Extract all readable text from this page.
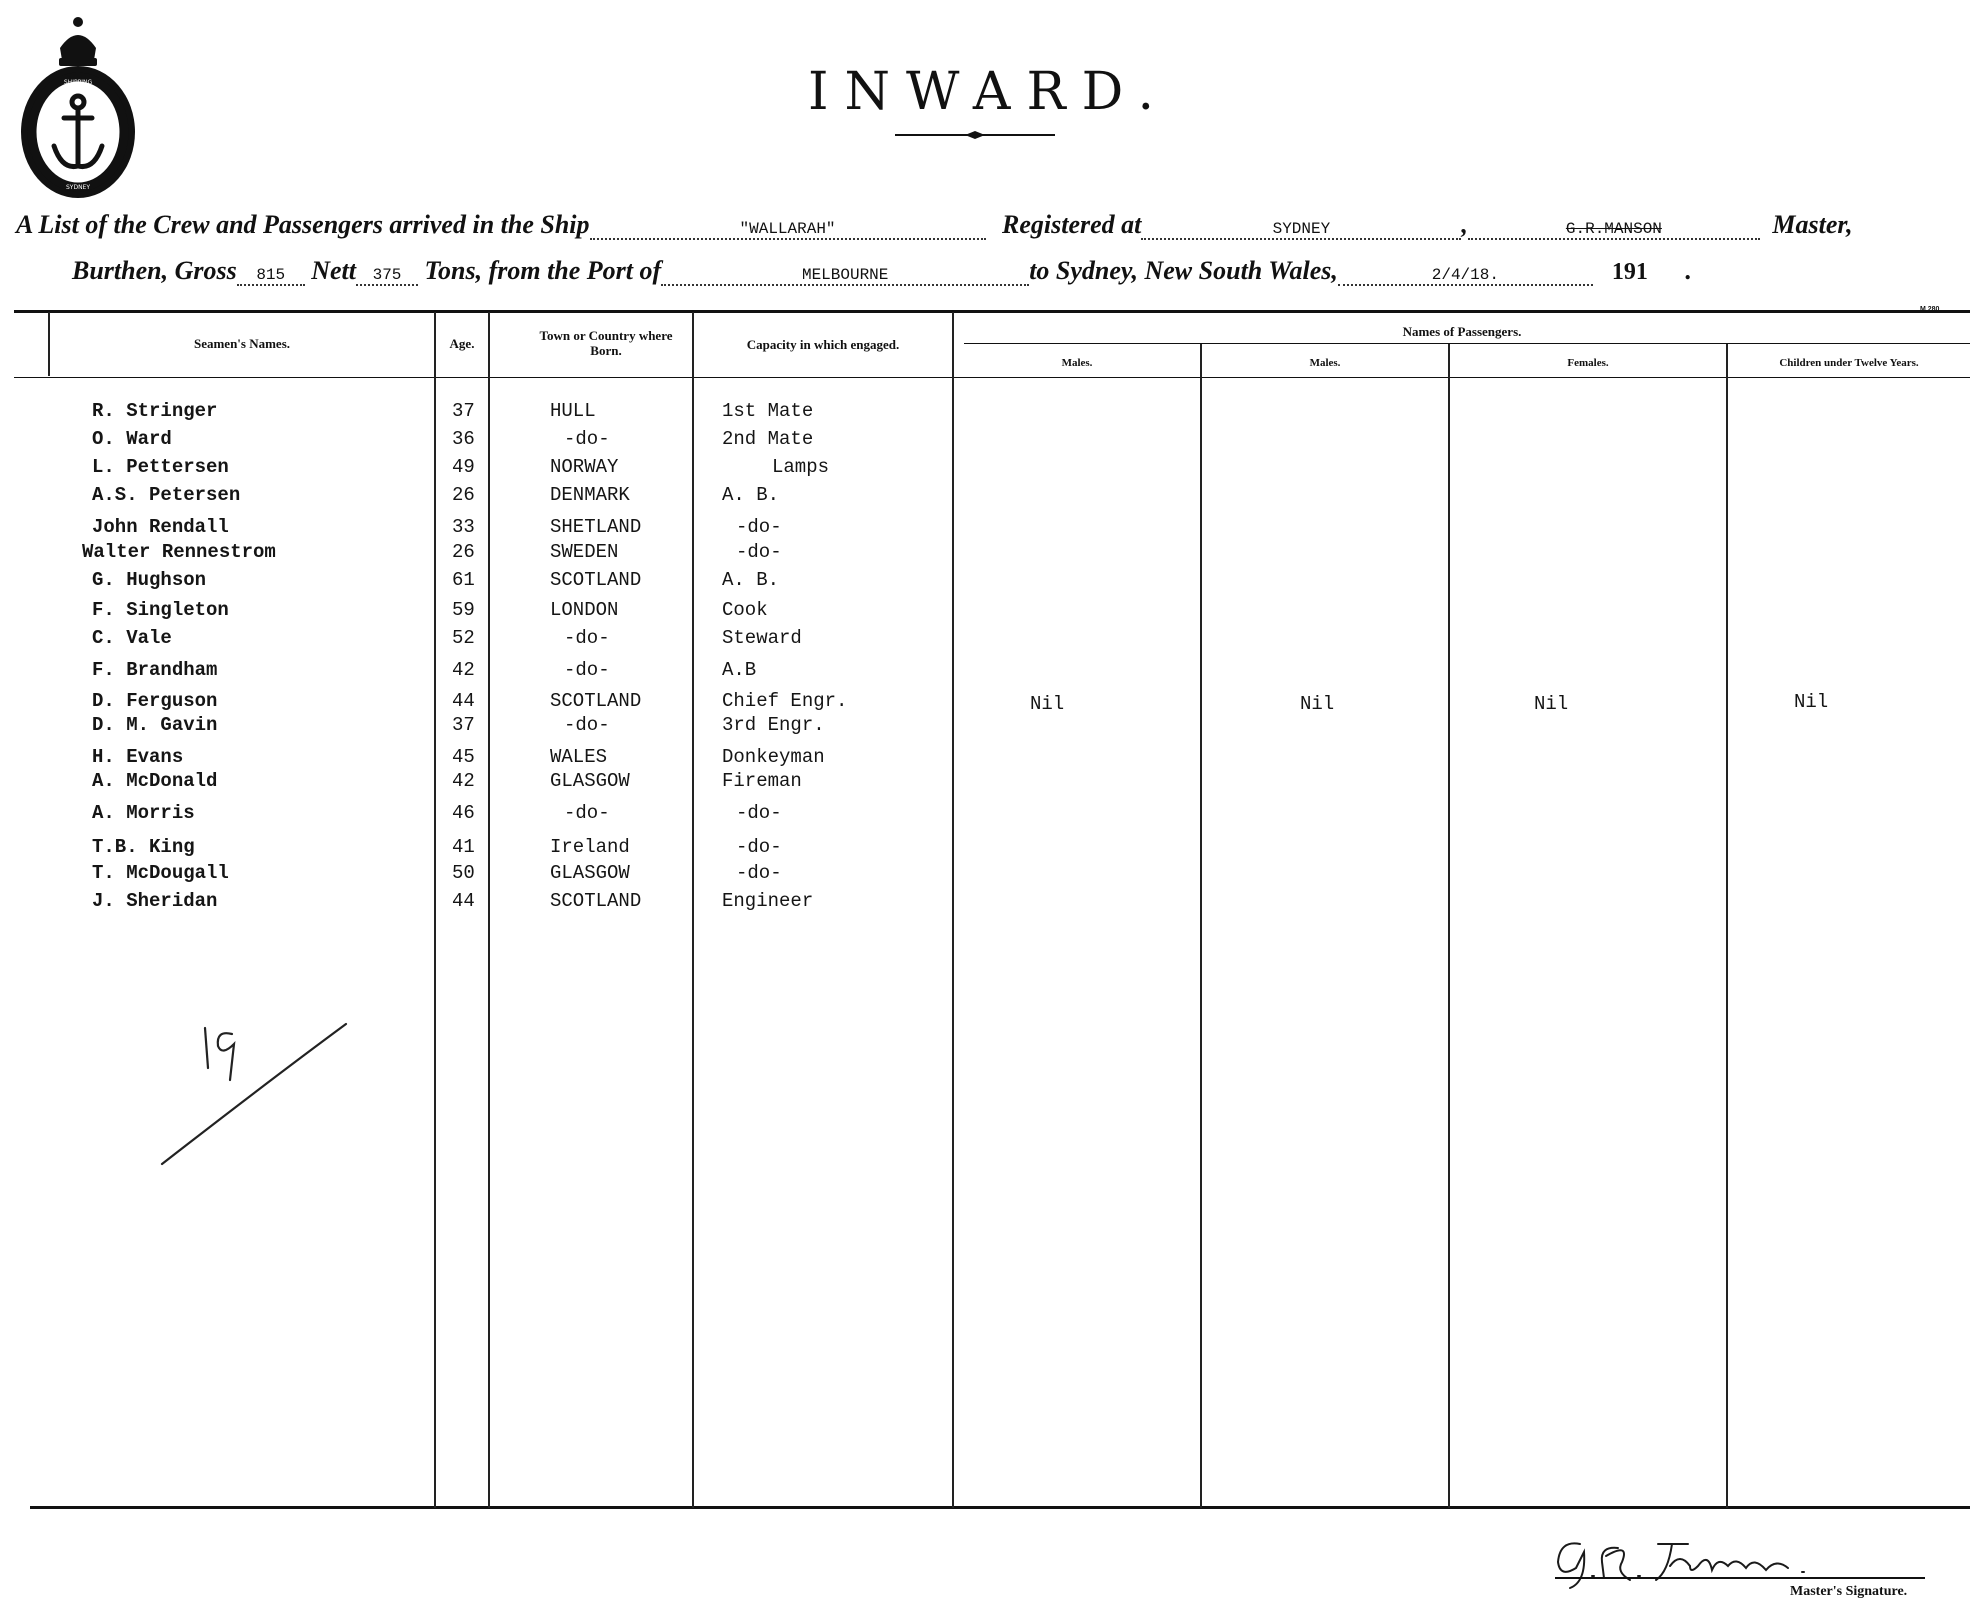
SHIPPING
SYDNEY
INWARD.
A List of the Crew and Passengers arrived in the Ship	"WALLARAH"	Registered at	SYDNEY	,	G.R.MANSON	Master,
Burthen, Gross 815 Nett 375 Tons, from the Port of	MELBOURNE	to Sydney, New South Wales,	2/4/18.	191 .
Seamen's Names.	Age.
Town or Country where Born.	Capacity in which engaged.
Names of Passengers.
Males.	Males.	Females.	Children under Twelve Years.
R. Stringer	37	HULL	1st Mate
O. Ward	36	-do-	2nd Mate
L. Pettersen	49	NORWAY	Lamps
A.S. Petersen	26	DENMARK	A. B.
John Rendall	33	SHETLAND	-do-
Walter Rennestrom	26	SWEDEN	-do-
G. Hughson	61	SCOTLAND	A. B.
F. Singleton	59	LONDON	Cook
C. Vale	52	-do-	Steward
F. Brandham	42	-do-	A.B
D. Ferguson	44	SCOTLAND	Chief Engr.
D. M. Gavin	37	-do-	3rd Engr.
H. Evans	45	WALES	Donkeyman
A. McDonald	42	GLASGOW	Fireman
A. Morris	46	-do-	-do-
T.B. King	41	Ireland	-do-
T. McDougall	50	GLASGOW	-do-
J. Sheridan	44	SCOTLAND	Engineer
Nil	Nil	Nil	Nil
Master's Signature.
